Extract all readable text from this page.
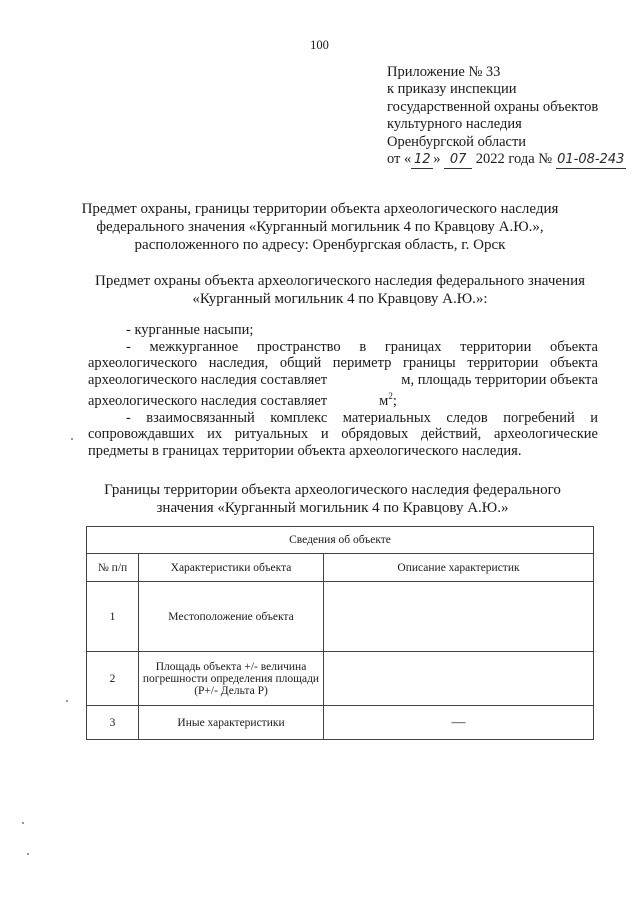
100
Приложение № 33
к приказу инспекции
государственной охраны объектов
культурного наследия
Оренбургской области
от « 12 » 07 2022 года № 01-08-243
Предмет охраны, границы территории объекта археологического наследия
федерального значения «Курганный могильник 4 по Кравцову А.Ю.»,
расположенного по адресу: Оренбургская область, г. Орск
Предмет охраны объекта археологического наследия федерального значения
«Курганный могильник 4 по Кравцову А.Ю.»:

- курганные насыпи;

- межкурганное пространство в границах территории объекта

археологического наследия, общий периметр границы территории объекта

археологического наследия составляет	м, площадь территории объекта

археологического наследия составляет	$м^2$;

- взаимосвязанный комплекс материальных следов погребений и

сопровождавших их ритуальных и обрядовых действий, археологические

предметы в границах территории объекта археологического наследия.

Границы территории объекта археологического наследия федерального
значения «Курганный могильник 4 по Кравцову А.Ю.»
Сведения об объекте		
№ п/п	Характеристики объекта	Описание характеристик
1	Местоположение объекта	
2	Площадь объекта +/- величина погрешности определения площади (P+/- Дельта P)	
3	Иные характеристики	—
